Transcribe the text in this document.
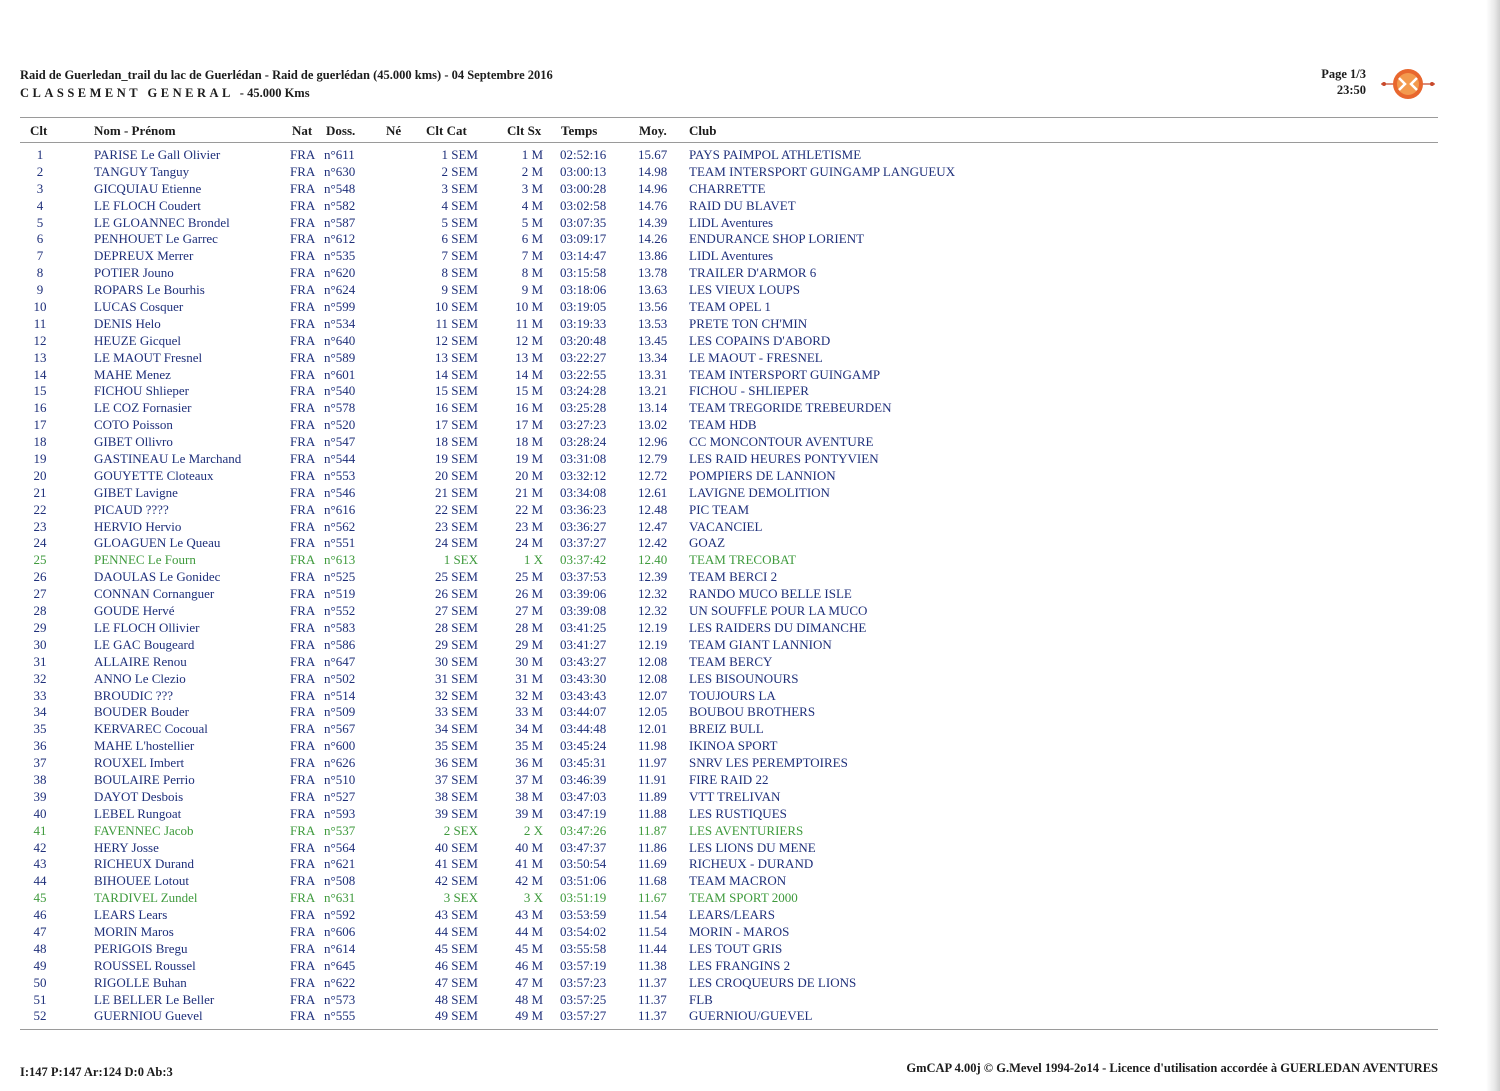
Raid de Guerledan_trail du lac de Guerlédan - Raid de guerlédan (45.000 kms) - 04 Septembre 2016
CLASSEMENT GENERAL - 45.000 Kms
Page 1/3
23:50
Clt	Nom - Prénom	Nat Doss. Né Clt Cat	Clt Sx Temps	Moy. Club
1	PARISE Le Gall Olivier	FRA n°611	1 SEM	1 M 02:52:16 15.67 PAYS PAIMPOL ATHLETISME
2	TANGUY Tanguy	FRA n°630	2 SEM	2 M 03:00:13 14.98 TEAM INTERSPORT GUINGAMP LANGUEUX
3	GICQUIAU Etienne	FRA n°548	3 SEM	3 M 03:00:28 14.96 CHARRETTE
4	LE FLOCH Coudert	FRA n°582	4 SEM	4 M 03:02:58 14.76 RAID DU BLAVET
5	LE GLOANNEC Brondel	FRA n°587	5 SEM	5 M 03:07:35 14.39 LIDL Aventures
6	PENHOUET Le Garrec	FRA n°612	6 SEM	6 M 03:09:17 14.26 ENDURANCE SHOP LORIENT
7	DEPREUX Merrer	FRA n°535	7 SEM	7 M 03:14:47 13.86 LIDL Aventures
8	POTIER Jouno	FRA n°620	8 SEM	8 M 03:15:58 13.78 TRAILER D'ARMOR 6
9	ROPARS Le Bourhis	FRA n°624	9 SEM	9 M 03:18:06 13.63 LES VIEUX LOUPS
10	LUCAS Cosquer	FRA n°599	10 SEM	10 M 03:19:05 13.56 TEAM OPEL 1
11	DENIS Helo	FRA n°534	11 SEM	11 M 03:19:33 13.53 PRETE TON CH'MIN
12	HEUZE Gicquel	FRA n°640	12 SEM	12 M 03:20:48 13.45 LES COPAINS D'ABORD
13	LE MAOUT Fresnel	FRA n°589	13 SEM	13 M 03:22:27 13.34 LE MAOUT - FRESNEL
14	MAHE Menez	FRA n°601	14 SEM	14 M 03:22:55 13.31 TEAM INTERSPORT GUINGAMP
15	FICHOU Shlieper	FRA n°540	15 SEM	15 M 03:24:28 13.21 FICHOU - SHLIEPER
16	LE COZ Fornasier	FRA n°578	16 SEM	16 M 03:25:28 13.14 TEAM TREGORIDE TREBEURDEN
17	COTO Poisson	FRA n°520	17 SEM	17 M 03:27:23 13.02 TEAM HDB
18	GIBET Ollivro	FRA n°547	18 SEM	18 M 03:28:24 12.96 CC MONCONTOUR AVENTURE
19	GASTINEAU Le Marchand	FRA n°544	19 SEM	19 M 03:31:08 12.79 LES RAID HEURES PONTYVIEN
20	GOUYETTE Cloteaux	FRA n°553	20 SEM	20 M 03:32:12 12.72 POMPIERS DE LANNION
21	GIBET Lavigne	FRA n°546	21 SEM	21 M 03:34:08 12.61 LAVIGNE DEMOLITION
22	PICAUD ????	FRA n°616	22 SEM	22 M 03:36:23 12.48 PIC TEAM
23	HERVIO Hervio	FRA n°562	23 SEM	23 M 03:36:27 12.47 VACANCIEL
24	GLOAGUEN Le Queau	FRA n°551	24 SEM	24 M 03:37:27 12.42 GOAZ
25	PENNEC Le Fourn	FRA n°613	1 SEX	1 X 03:37:42 12.40 TEAM TRECOBAT
26	DAOULAS Le Gonidec	FRA n°525	25 SEM	25 M 03:37:53 12.39 TEAM BERCI 2
27	CONNAN Cornanguer	FRA n°519	26 SEM	26 M 03:39:06 12.32 RANDO MUCO BELLE ISLE
28	GOUDE Hervé	FRA n°552	27 SEM	27 M 03:39:08 12.32 UN SOUFFLE POUR LA MUCO
29	LE FLOCH Ollivier	FRA n°583	28 SEM	28 M 03:41:25 12.19 LES RAIDERS DU DIMANCHE
30	LE GAC Bougeard	FRA n°586	29 SEM	29 M 03:41:27 12.19 TEAM GIANT LANNION
31	ALLAIRE Renou	FRA n°647	30 SEM	30 M 03:43:27 12.08 TEAM BERCY
32	ANNO Le Clezio	FRA n°502	31 SEM	31 M 03:43:30 12.08 LES BISOUNOURS
33	BROUDIC ???	FRA n°514	32 SEM	32 M 03:43:43 12.07 TOUJOURS LA
34	BOUDER Bouder	FRA n°509	33 SEM	33 M 03:44:07 12.05 BOUBOU BROTHERS
35	KERVAREC Cocoual	FRA n°567	34 SEM	34 M 03:44:48 12.01 BREIZ BULL
36	MAHE L'hostellier	FRA n°600	35 SEM	35 M 03:45:24 11.98 IKINOA SPORT
37	ROUXEL Imbert	FRA n°626	36 SEM	36 M 03:45:31 11.97 SNRV LES PEREMPTOIRES
38	BOULAIRE Perrio	FRA n°510	37 SEM	37 M 03:46:39 11.91 FIRE RAID 22
39	DAYOT Desbois	FRA n°527	38 SEM	38 M 03:47:03 11.89 VTT TRELIVAN
40	LEBEL Rungoat	FRA n°593	39 SEM	39 M 03:47:19 11.88 LES RUSTIQUES
41	FAVENNEC Jacob	FRA n°537	2 SEX	2 X 03:47:26 11.87 LES AVENTURIERS
42	HERY Josse	FRA n°564	40 SEM	40 M 03:47:37 11.86 LES LIONS DU MENE
43	RICHEUX Durand	FRA n°621	41 SEM	41 M 03:50:54 11.69 RICHEUX - DURAND
44	BIHOUEE Lotout	FRA n°508	42 SEM	42 M 03:51:06 11.68 TEAM MACRON
45	TARDIVEL Zundel	FRA n°631	3 SEX	3 X 03:51:19 11.67 TEAM SPORT 2000
46	LEARS Lears	FRA n°592	43 SEM	43 M 03:53:59 11.54 LEARS/LEARS
47	MORIN Maros	FRA n°606	44 SEM	44 M 03:54:02 11.54 MORIN - MAROS
48	PERIGOIS Bregu	FRA n°614	45 SEM	45 M 03:55:58 11.44 LES TOUT GRIS
49	ROUSSEL Roussel	FRA n°645	46 SEM	46 M 03:57:19 11.38 LES FRANGINS 2
50	RIGOLLE Buhan	FRA n°622	47 SEM	47 M 03:57:23 11.37 LES CROQUEURS DE LIONS
51	LE BELLER Le Beller	FRA n°573	48 SEM	48 M 03:57:25 11.37 FLB
52	GUERNIOU Guevel	FRA n°555	49 SEM	49 M 03:57:27 11.37 GUERNIOU/GUEVEL
I:147 P:147 Ar:124 D:0 Ab:3	GmCAP 4.00j © G.Mevel 1994-2o14 - Licence d'utilisation accordée à GUERLEDAN AVENTURES
